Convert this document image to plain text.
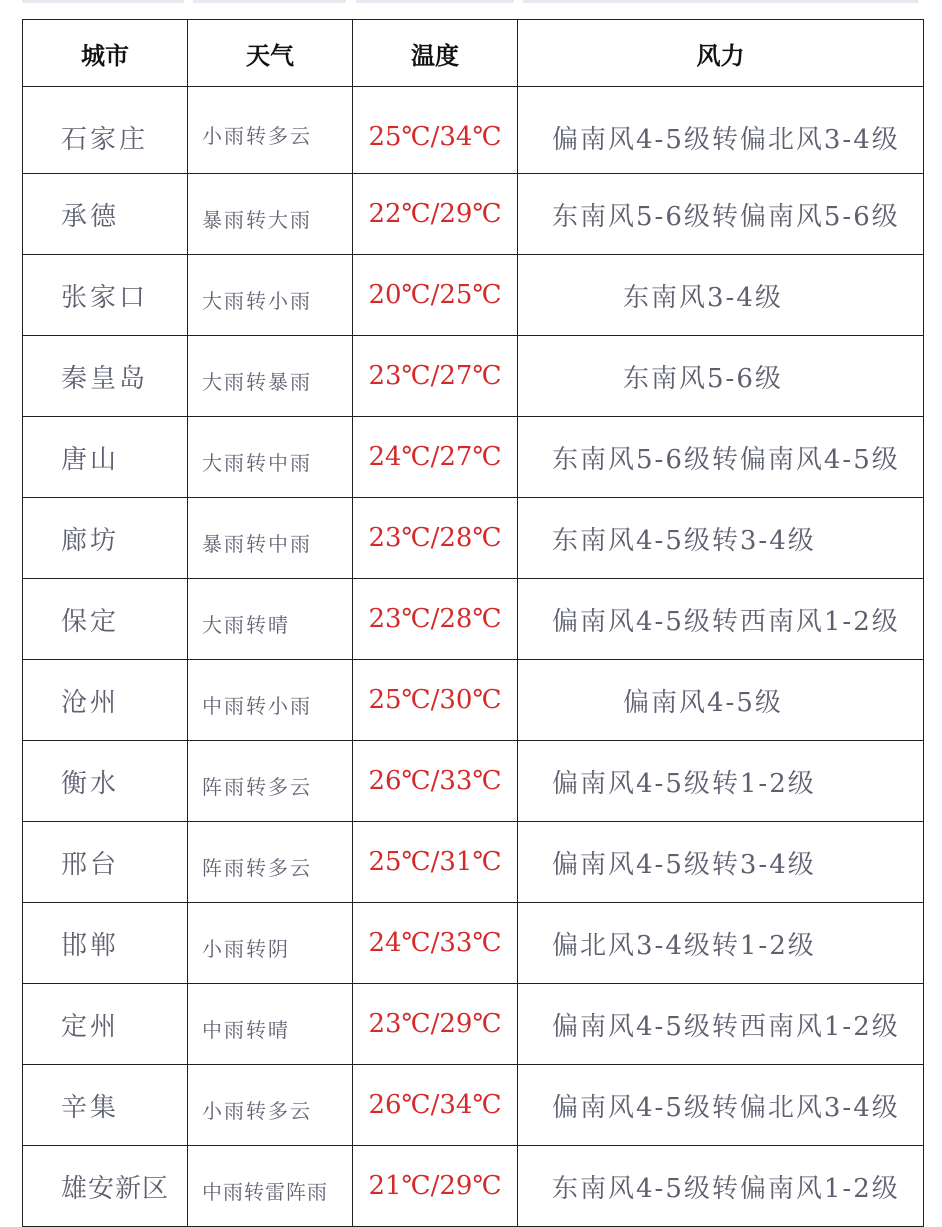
城市	天气	温度	风力
石家庄	小雨转多云	25℃/34℃	偏南风4-5级转偏北风3-4级
承德	暴雨转大雨	22℃/29℃	东南风5-6级转偏南风5-6级
张家口	大雨转小雨	20℃/25℃	东南风3-4级
秦皇岛	大雨转暴雨	23℃/27℃	东南风5-6级
唐山	大雨转中雨	24℃/27℃	东南风5-6级转偏南风4-5级
廊坊	暴雨转中雨	23℃/28℃	东南风4-5级转3-4级
保定	大雨转晴	23℃/28℃	偏南风4-5级转西南风1-2级
沧州	中雨转小雨	25℃/30℃	偏南风4-5级
衡水	阵雨转多云	26℃/33℃	偏南风4-5级转1-2级
邢台	阵雨转多云	25℃/31℃	偏南风4-5级转3-4级
邯郸	小雨转阴	24℃/33℃	偏北风3-4级转1-2级
定州	中雨转晴	23℃/29℃	偏南风4-5级转西南风1-2级
辛集	小雨转多云	26℃/34℃	偏南风4-5级转偏北风3-4级
雄安新区	中雨转雷阵雨	21℃/29℃	东南风4-5级转偏南风1-2级
